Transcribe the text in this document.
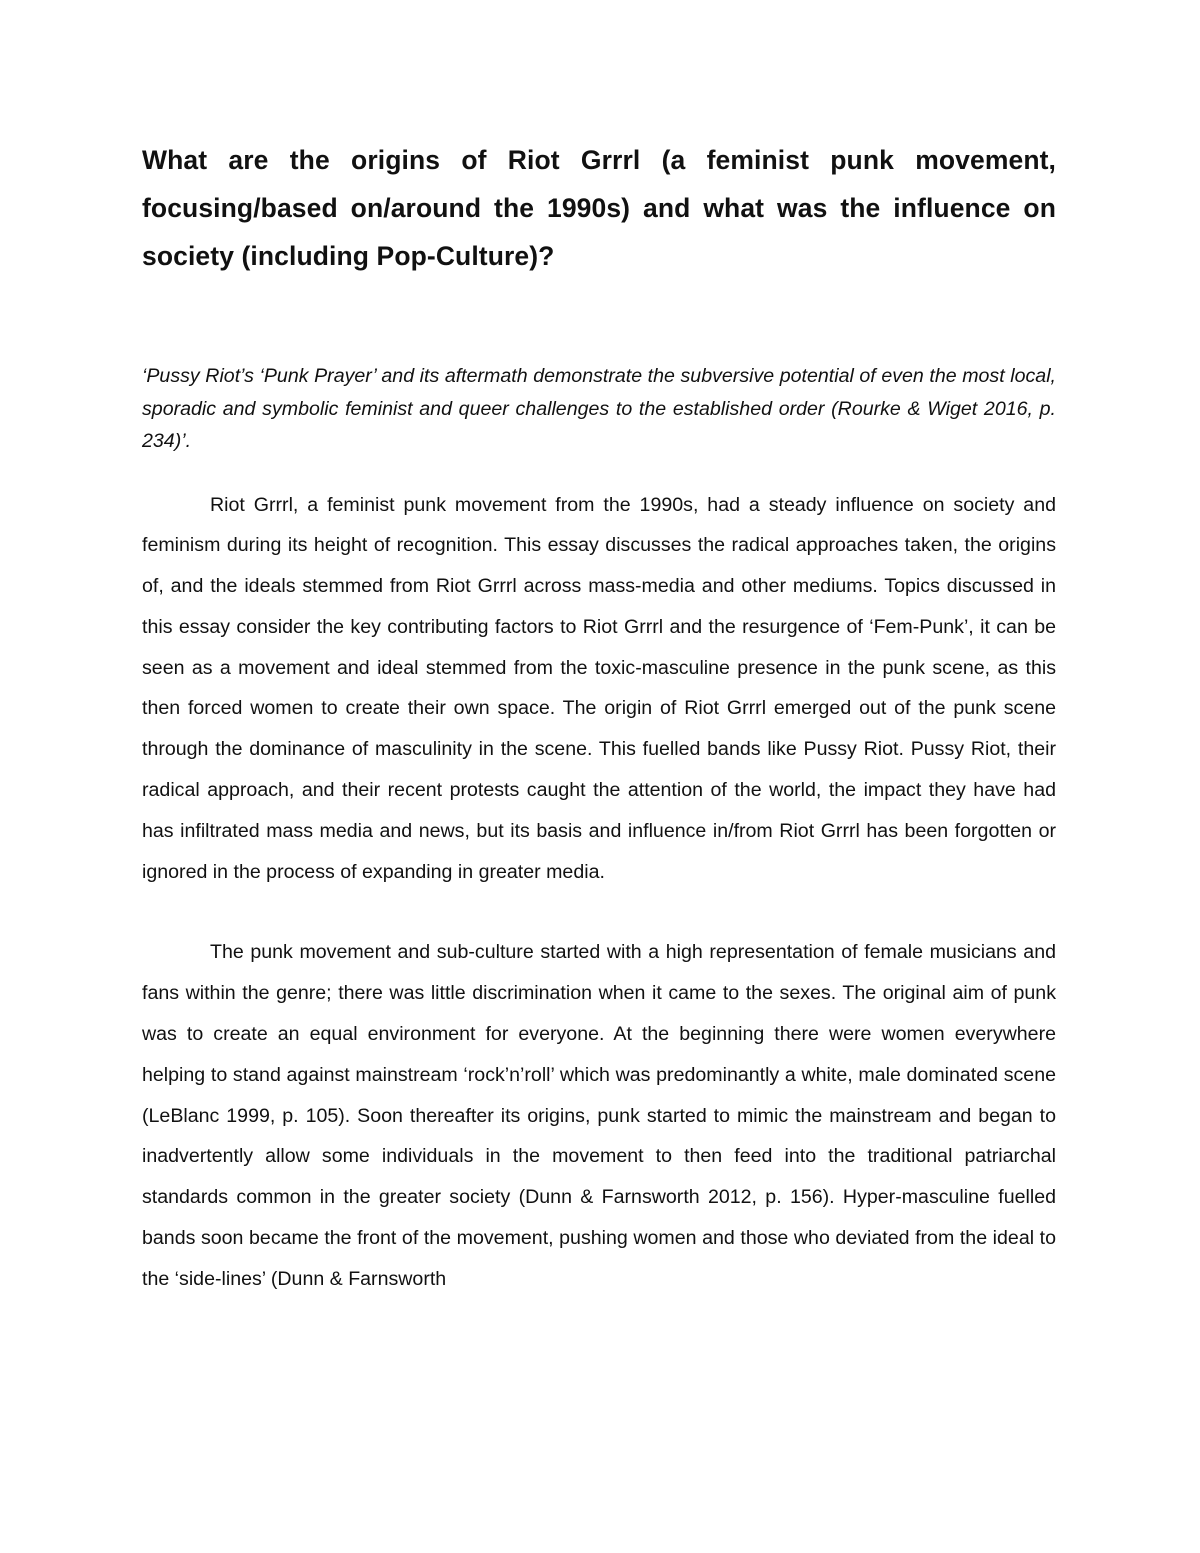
What are the origins of Riot Grrrl (a feminist punk movement, focusing/based on/around the 1990s) and what was the influence on society (including Pop-Culture)?

‘Pussy Riot’s ‘Punk Prayer’ and its aftermath demonstrate the subversive potential of even the most local, sporadic and symbolic feminist and queer challenges to the established order (Rourke & Wiget 2016, p. 234)’.

Riot Grrrl, a feminist punk movement from the 1990s, had a steady influence on society and feminism during its height of recognition. This essay discusses the radical approaches taken, the origins of, and the ideals stemmed from Riot Grrrl across mass-media and other mediums. Topics discussed in this essay consider the key contributing factors to Riot Grrrl and the resurgence of ‘Fem-Punk’, it can be seen as a movement and ideal stemmed from the toxic-masculine presence in the punk scene, as this then forced women to create their own space. The origin of Riot Grrrl emerged out of the punk scene through the dominance of masculinity in the scene. This fuelled bands like Pussy Riot. Pussy Riot, their radical approach, and their recent protests caught the attention of the world, the impact they have had has infiltrated mass media and news, but its basis and influence in/from Riot Grrrl has been forgotten or ignored in the process of expanding in greater media.

The punk movement and sub-culture started with a high representation of female musicians and fans within the genre; there was little discrimination when it came to the sexes. The original aim of punk was to create an equal environment for everyone. At the beginning there were women everywhere helping to stand against mainstream ‘rock’n’roll’ which was predominantly a white, male dominated scene (LeBlanc 1999, p. 105). Soon thereafter its origins, punk started to mimic the mainstream and began to inadvertently allow some individuals in the movement to then feed into the traditional patriarchal standards common in the greater society (Dunn & Farnsworth 2012, p. 156). Hyper-masculine fuelled bands soon became the front of the movement, pushing women and those who deviated from the ideal to the ‘side-lines’ (Dunn & Farnsworth
